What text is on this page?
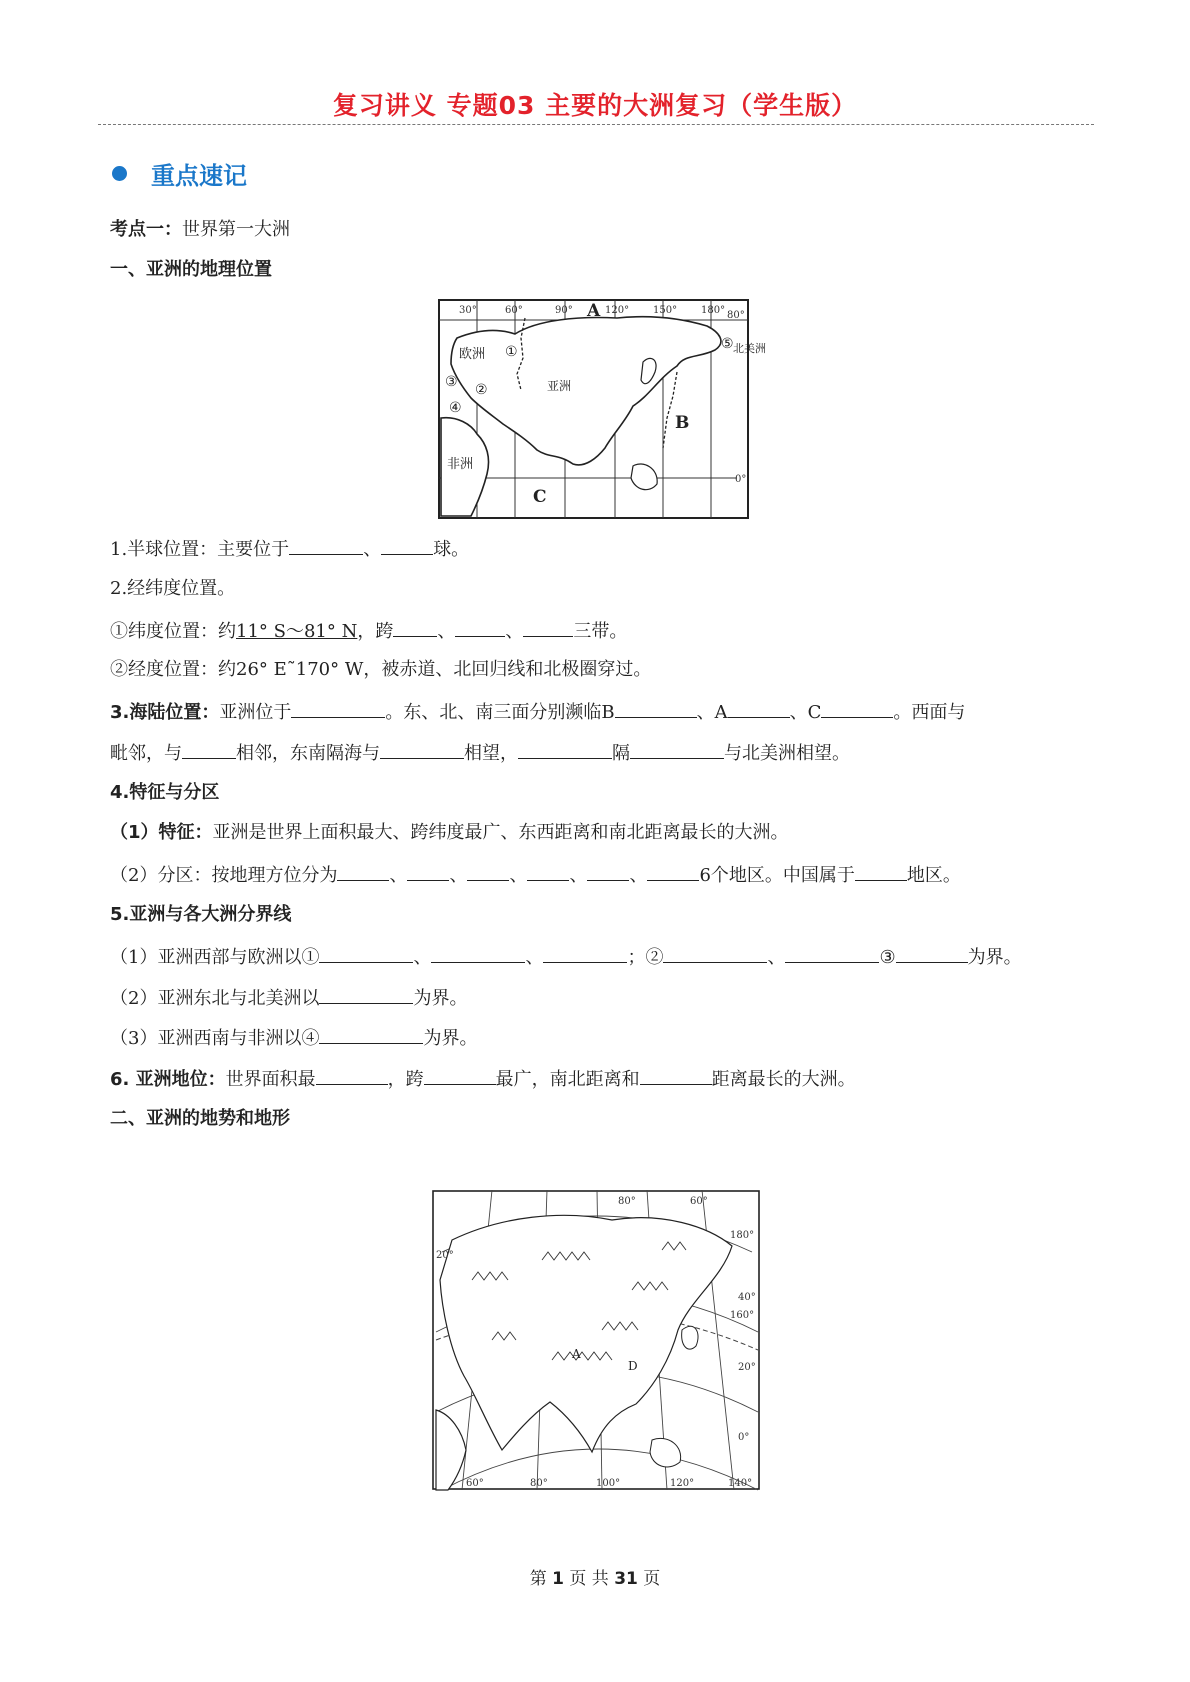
复习讲义 专题03 主要的大洲复习（学生版）
重点速记
考点一：世界第一大洲
一、亚洲的地理位置
30°	60°	90°	120° 150° 180° 80°
0°
A
B
C
欧洲
亚洲
非洲
北美洲
①
②
③
④
⑤
1.半球位置：主要位于	、	球。
2.经纬度位置。
①纬度位置：约11° S～81° N，跨 、	、	三带。
②经度位置：约26° E˜170° W，被赤道、北回归线和北极圈穿过。
3.海陆位置：亚洲位于	。东、北、南三面分别濒临B	、A	、C	。西面与
毗邻，与	相邻，东南隔海与	相望，	隔	与北美洲相望。
4.特征与分区
（1）特征：亚洲是世界上面积最大、跨纬度最广、东西距离和南北距离最长的大洲。
（2）分区：按地理方位分为	、 、 、 、 、	6个地区。中国属于	地区。
5.亚洲与各大洲分界线
（1）亚洲西部与欧洲以①	、	、	；②	、	③	为界。
（2）亚洲东北与北美洲以	为界。
（3）亚洲西南与非洲以④	为界。
6. 亚洲地位：世界面积最	，跨	最广，南北距离和	距离最长的大洲。
二、亚洲的地势和地形
80°	60°
180°
40°
160°
20°
0°
20°
60°	80°	100°	120°	140°
A
D
第 1 页 共 31 页
